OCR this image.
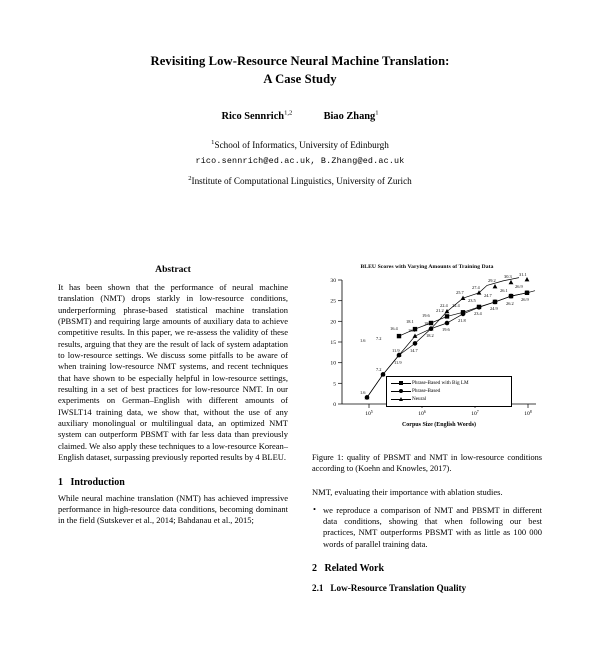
Revisiting Low-Resource Neural Machine Translation:
A Case Study
Rico Sennrich$^{1,2}$	Biao Zhang$^1$
$^1$School of Informatics, University of Edinburgh
rico.sennrich@ed.ac.uk, B.Zhang@ed.ac.uk
$^2$Institute of Computational Linguistics, University of Zurich
Abstract

It has been shown that the performance of neural machine translation (NMT) drops starkly in low-resource conditions, underperforming phrase-based statistical machine translation (PBSMT) and requiring large amounts of auxiliary data to achieve competitive results. In this paper, we re-assess the validity of these results, arguing that they are the result of lack of system adaptation to low-resource settings. We discuss some pitfalls to be aware of when training low-resource NMT systems, and recent techniques that have shown to be especially helpful in low-resource settings, resulting in a set of best practices for low-resource NMT. In our experiments on German–English with different amounts of IWSLT14 training data, we show that, without the use of any auxiliary monolingual or multilingual data, an optimized NMT system can outperform PBSMT with far less data than previously claimed. We also apply these techniques to a low-resource Korean–English dataset, surpassing previously reported results by 4 BLEU.

1 Introduction

While neural machine translation (NMT) has achieved impressive performance in high-resource data conditions, becoming dominant in the field (Sutskever et al., 2014; Bahdanau et al., 2015;

BLEU Scores with Varying Amounts of Training Data
0
5
10
15
20
25
30
$10^5$	$10^6$	$10^7$	$10^8$
Corpus Size (English Words)
1.6
7.2
11.9
16.1
18.2
22.4
25.7
27.4
29.2
30.3 31.1
16.4
18.1
19.6
21.2
22.4
23.5
24.7
26.1
26.9
1.6 7.2
11.9
14.7
18.2
19.6
21.8
23.4
24.9
26.2
26.9
Phrase-Based with Big LM
Phrase-Based
Neural
Figure 1: quality of PBSMT and NMT in low-resource conditions according to (Koehn and Knowles, 2017).

NMT, evaluating their importance with ablation studies.

• we reproduce a comparison of NMT and PBSMT in different data conditions, showing that when following our best practices, NMT outperforms PBSMT with as little as 100 000 words of parallel training data.
2 Related Work
2.1 Low-Resource Translation Quality
